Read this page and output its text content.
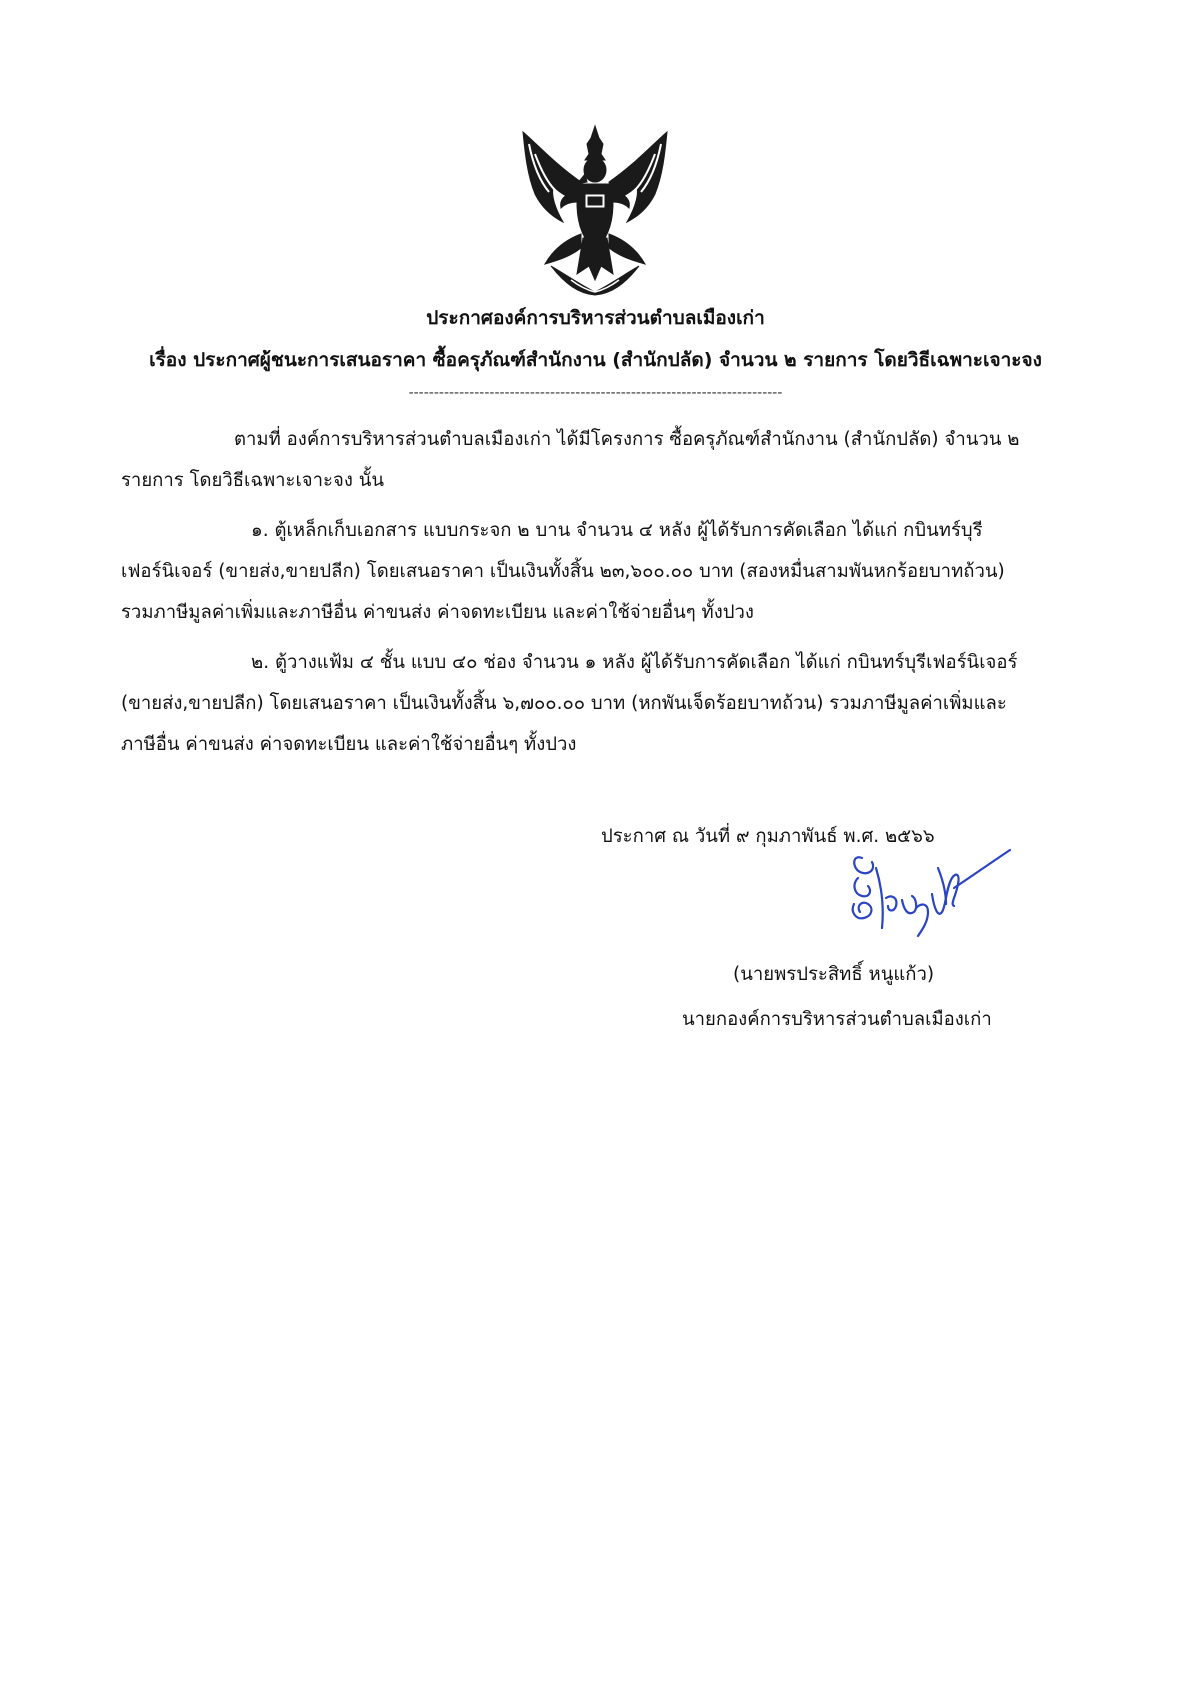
ประกาศองค์การบริหารส่วนตำบลเมืองเก่า
เรื่อง ประกาศผู้ชนะการเสนอราคา ซื้อครุภัณฑ์สำนักงาน (สำนักปลัด) จำนวน ๒ รายการ โดยวิธีเฉพาะเจาะจง
--------------------------------------------------------------------------
ตามที่ องค์การบริหารส่วนตำบลเมืองเก่า ได้มีโครงการ ซื้อครุภัณฑ์สำนักงาน (สำนักปลัด) จำนวน ๒
รายการ โดยวิธีเฉพาะเจาะจง นั้น
๑. ตู้เหล็กเก็บเอกสาร แบบกระจก ๒ บาน จำนวน ๔ หลัง ผู้ได้รับการคัดเลือก ได้แก่ กบินทร์บุรี
เฟอร์นิเจอร์ (ขายส่ง,ขายปลีก) โดยเสนอราคา เป็นเงินทั้งสิ้น ๒๓,๖๐๐.๐๐ บาท (สองหมื่นสามพันหกร้อยบาทถ้วน)
รวมภาษีมูลค่าเพิ่มและภาษีอื่น ค่าขนส่ง ค่าจดทะเบียน และค่าใช้จ่ายอื่นๆ ทั้งปวง
๒. ตู้วางแฟ้ม ๔ ชั้น แบบ ๔๐ ช่อง จำนวน ๑ หลัง ผู้ได้รับการคัดเลือก ได้แก่ กบินทร์บุรีเฟอร์นิเจอร์
(ขายส่ง,ขายปลีก) โดยเสนอราคา เป็นเงินทั้งสิ้น ๖,๗๐๐.๐๐ บาท (หกพันเจ็ดร้อยบาทถ้วน) รวมภาษีมูลค่าเพิ่มและ
ภาษีอื่น ค่าขนส่ง ค่าจดทะเบียน และค่าใช้จ่ายอื่นๆ ทั้งปวง
ประกาศ ณ วันที่ ๙ กุมภาพันธ์ พ.ศ. ๒๕๖๖
(นายพรประสิทธิ์ หนูแก้ว)
นายกองค์การบริหารส่วนตำบลเมืองเก่า
